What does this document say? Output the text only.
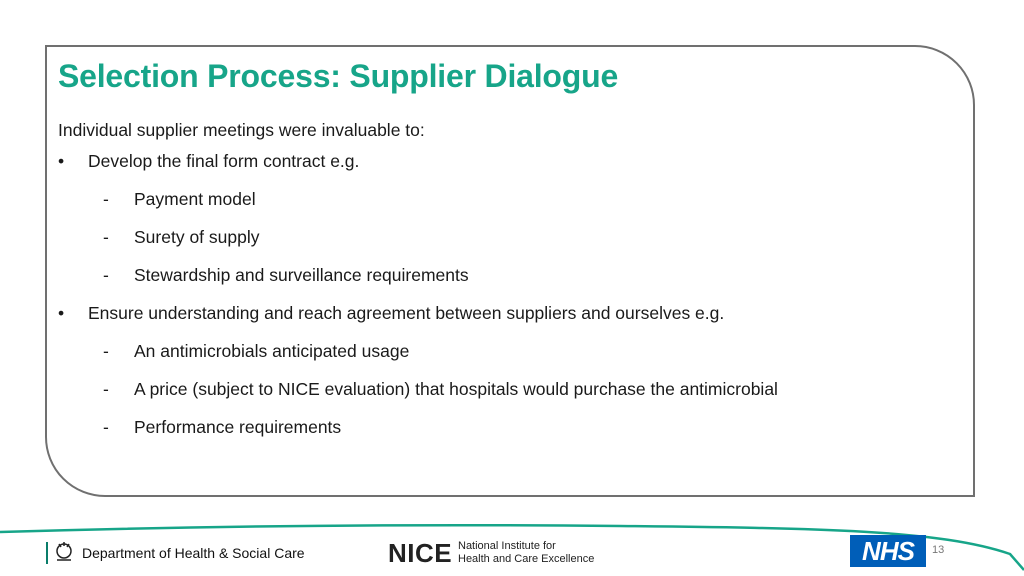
Selection Process: Supplier Dialogue
Individual supplier meetings were invaluable to:
• Develop the final form contract e.g.
- Payment model
- Surety of supply
- Stewardship and surveillance requirements
• Ensure understanding and reach agreement between suppliers and ourselves e.g.
- An antimicrobials anticipated usage
- A price (subject to NICE evaluation) that hospitals would purchase the antimicrobial
- Performance requirements
Department of Health & Social Care	NICE National Institute for
Health and Care Excellence	NHS	13
